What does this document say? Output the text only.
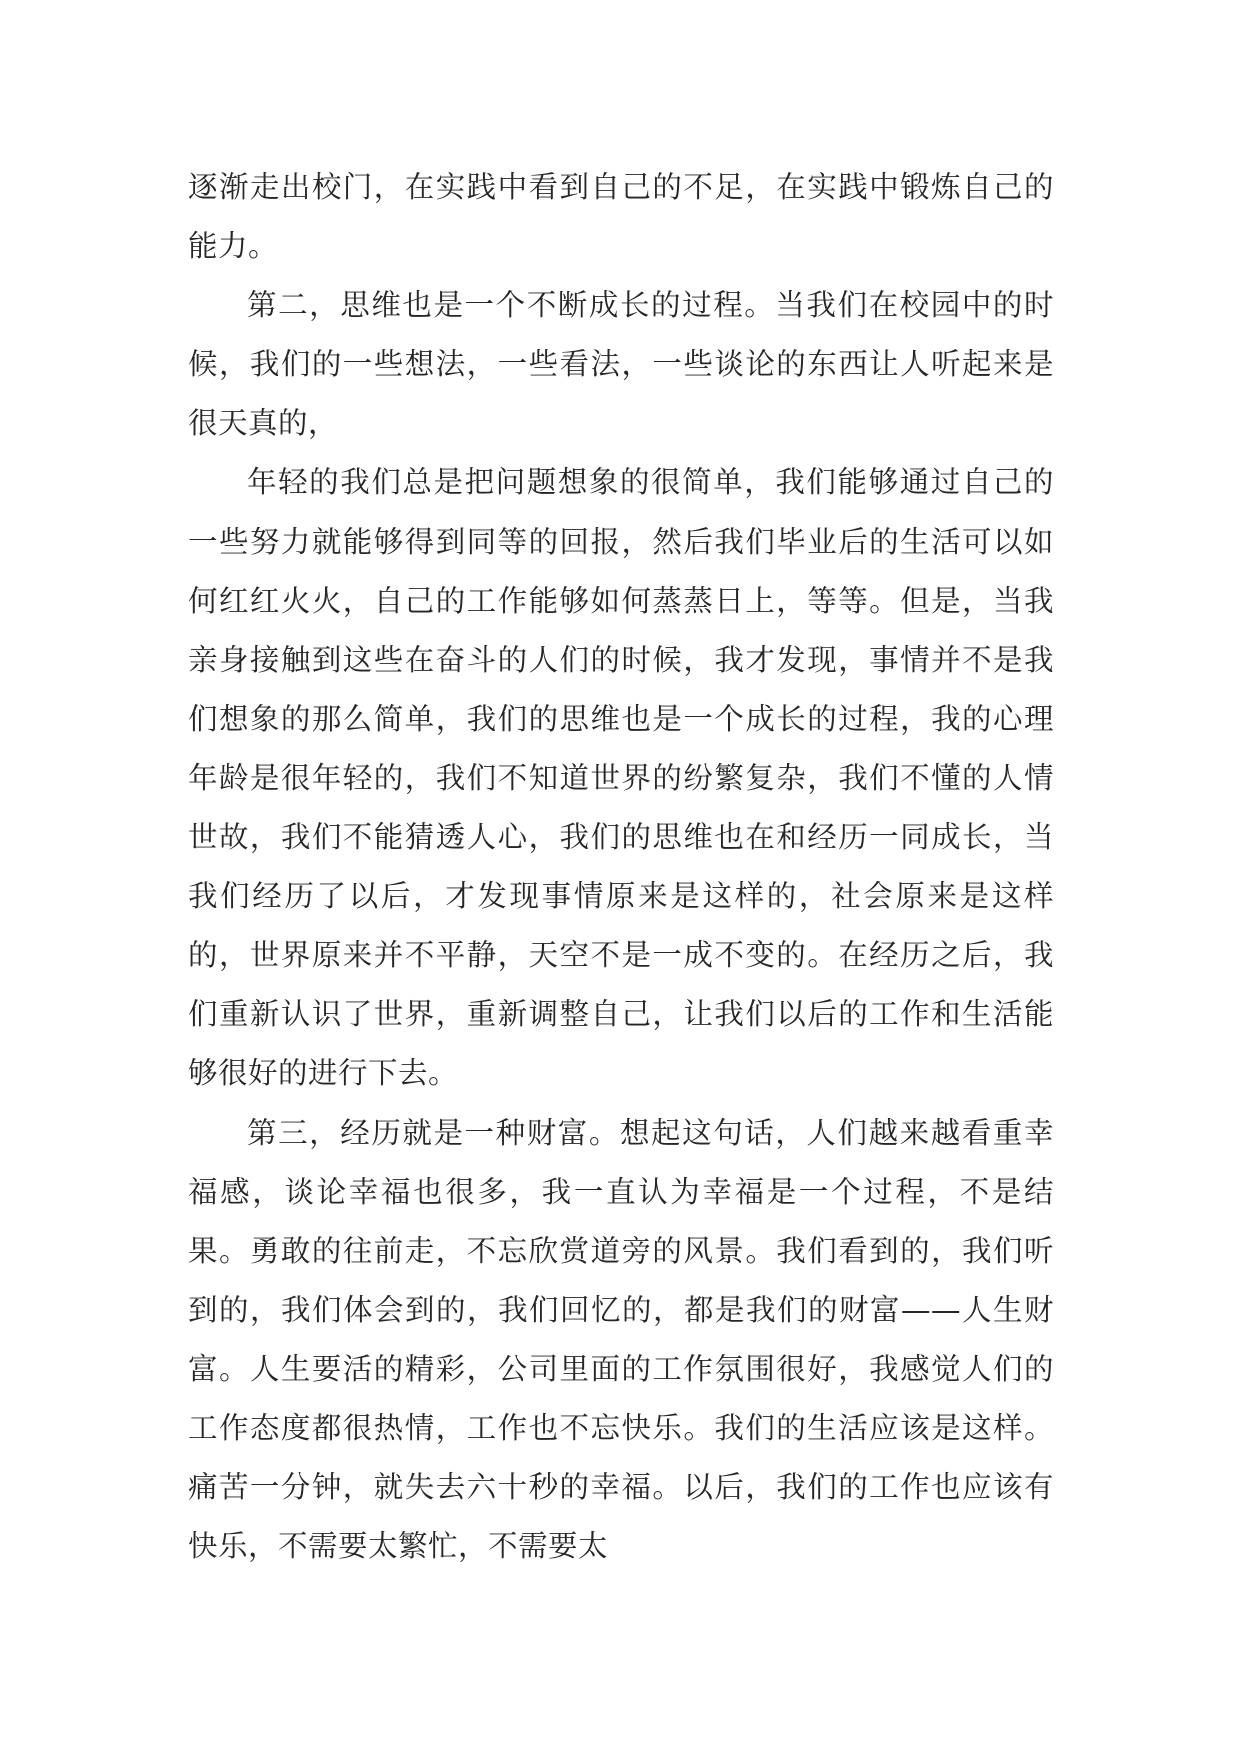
逐渐走出校门，在实践中看到自己的不足，在实践中锻炼自己的能力。

第二，思维也是一个不断成长的过程。当我们在校园中的时候，我们的一些想法，一些看法，一些谈论的东西让人听起来是很天真的，

年轻的我们总是把问题想象的很简单，我们能够通过自己的一些努力就能够得到同等的回报，然后我们毕业后的生活可以如何红红火火，自己的工作能够如何蒸蒸日上，等等。但是，当我亲身接触到这些在奋斗的人们的时候，我才发现，事情并不是我们想象的那么简单，我们的思维也是一个成长的过程，我的心理年龄是很年轻的，我们不知道世界的纷繁复杂，我们不懂的人情世故，我们不能猜透人心，我们的思维也在和经历一同成长，当我们经历了以后，才发现事情原来是这样的，社会原来是这样的，世界原来并不平静，天空不是一成不变的。在经历之后，我们重新认识了世界，重新调整自己，让我们以后的工作和生活能够很好的进行下去。

第三，经历就是一种财富。想起这句话，人们越来越看重幸福感，谈论幸福也很多，我一直认为幸福是一个过程，不是结果。勇敢的往前走，不忘欣赏道旁的风景。我们看到的，我们听到的，我们体会到的，我们回忆的，都是我们的财富——人生财富。人生要活的精彩，公司里面的工作氛围很好，我感觉人们的工作态度都很热情，工作也不忘快乐。我们的生活应该是这样。痛苦一分钟，就失去六十秒的幸福。以后，我们的工作也应该有快乐，不需要太繁忙，不需要太
